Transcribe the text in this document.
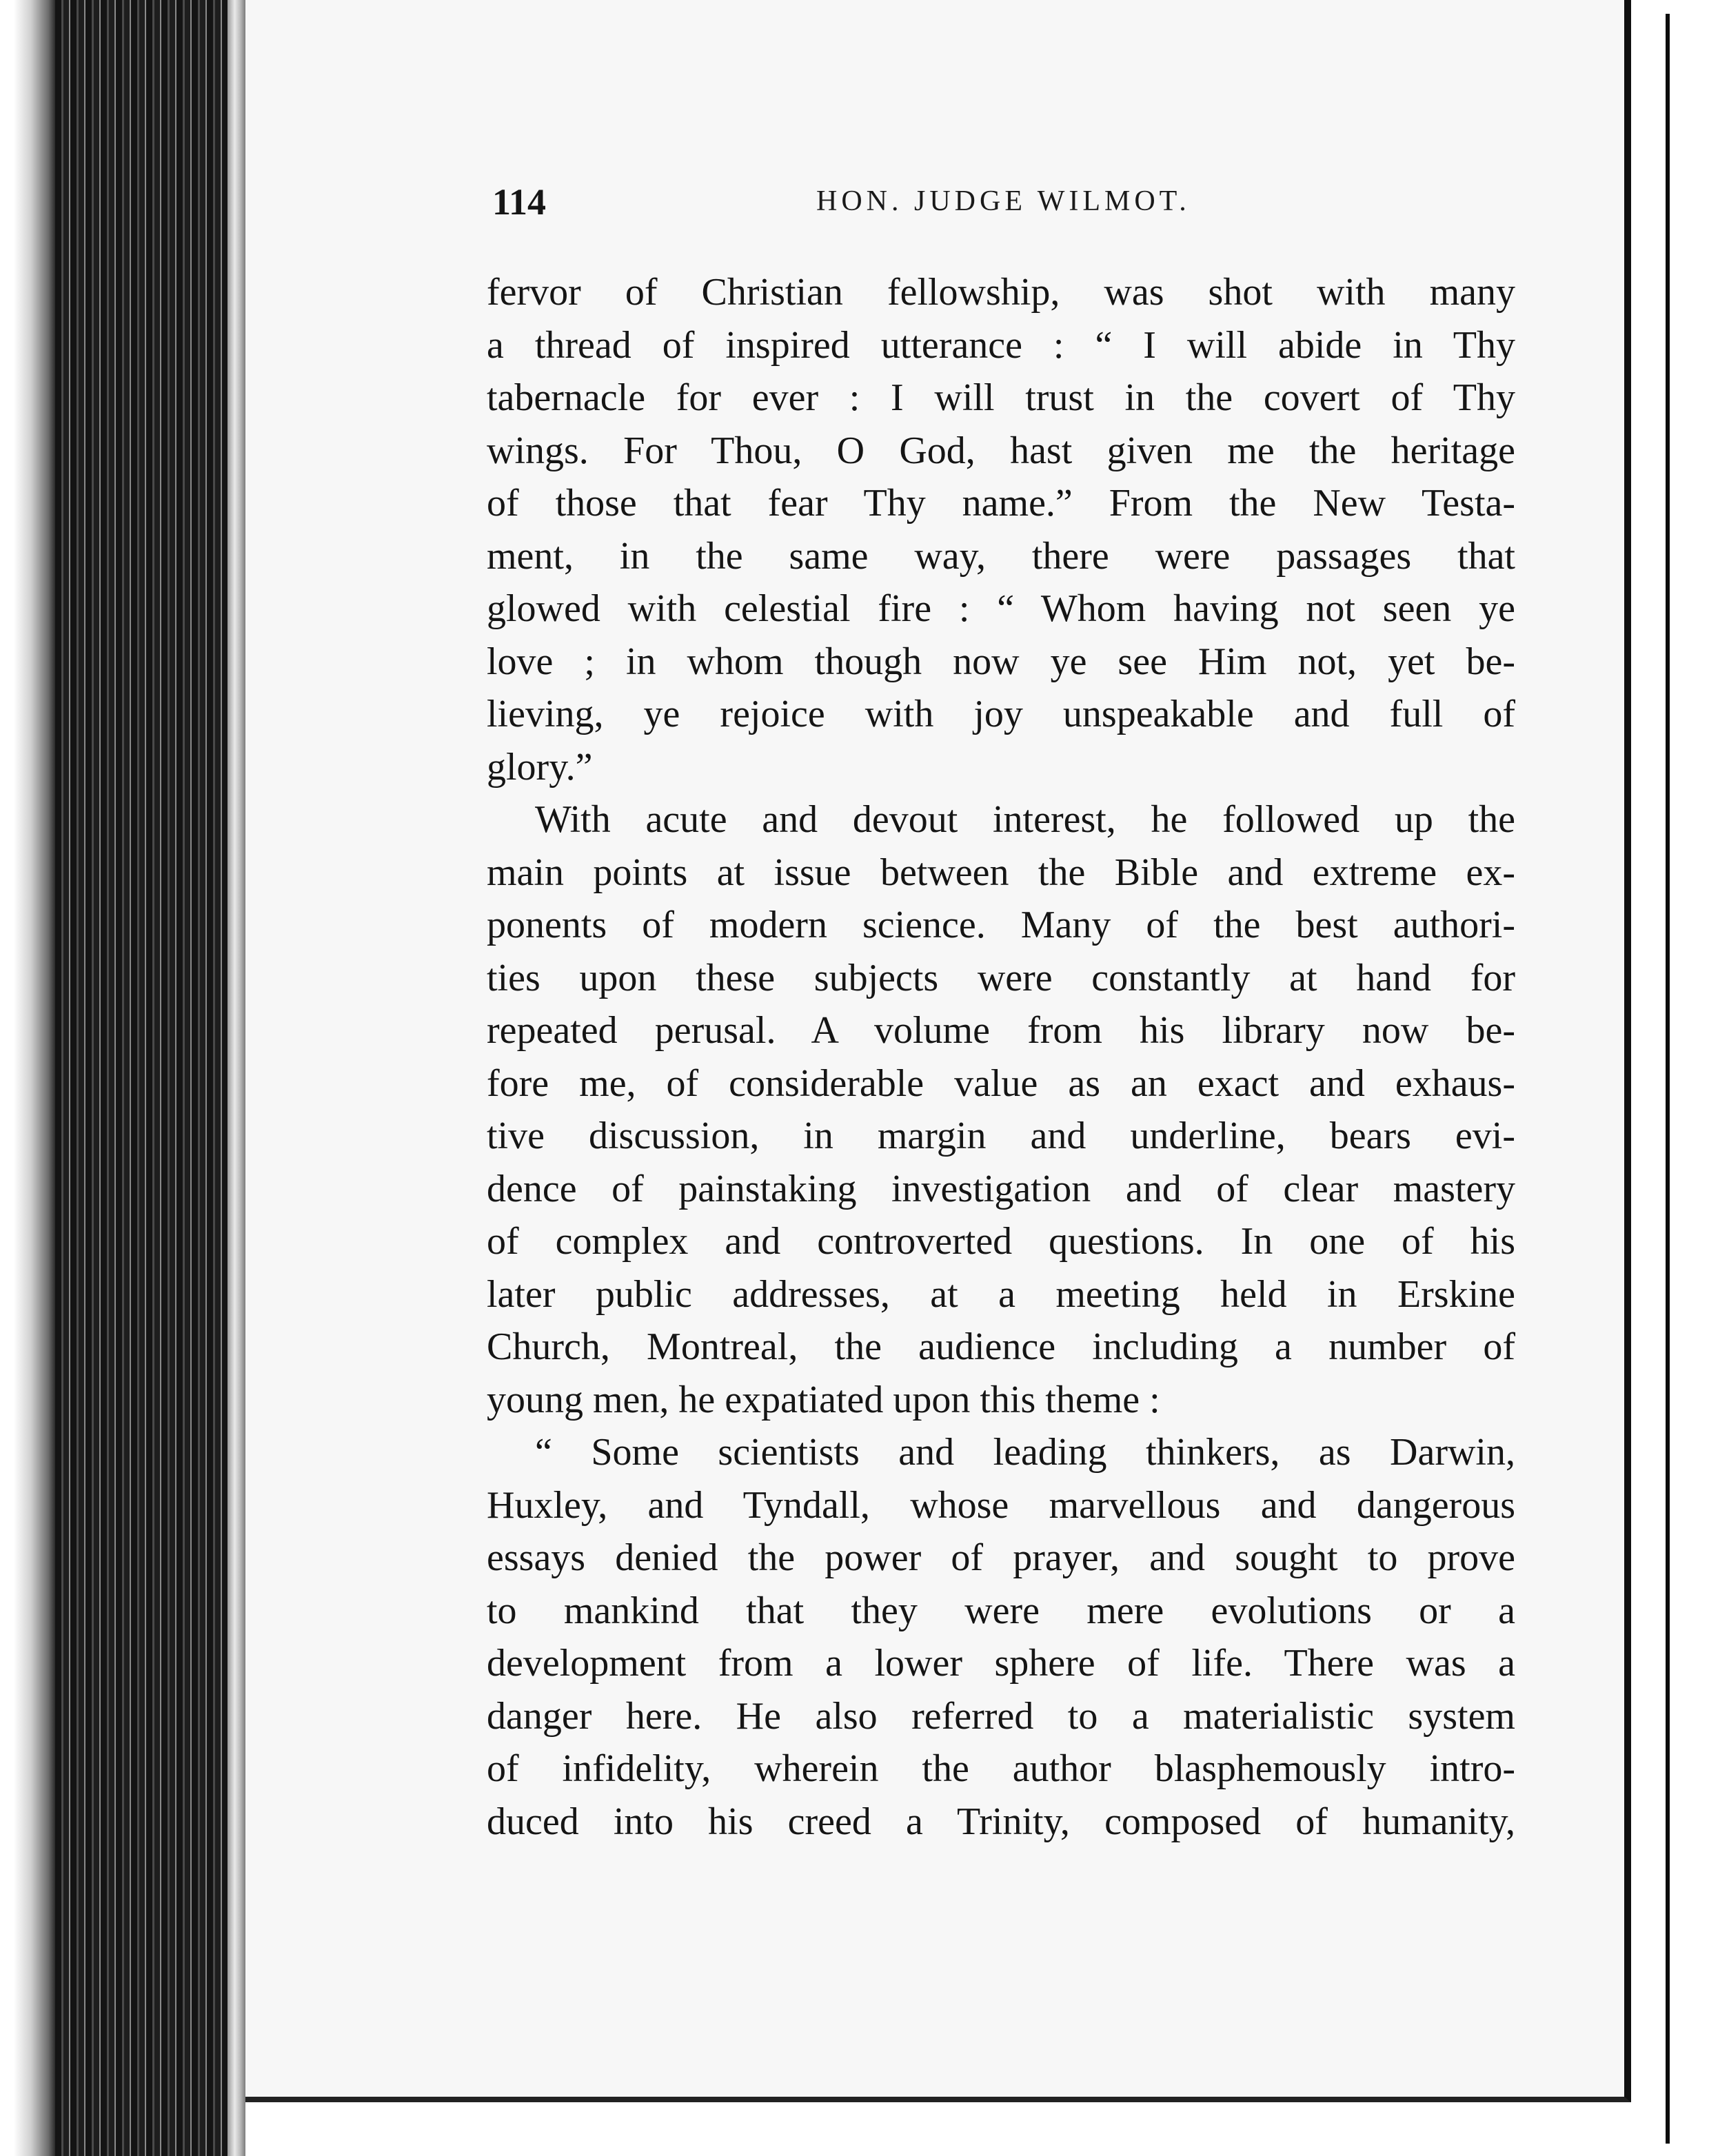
114	HON. JUDGE WILMOT.
fervor of Christian fellowship, was shot with many
a thread of inspired utterance : “ I will abide in Thy
tabernacle for ever : I will trust in the covert of Thy
wings. For Thou, O God, hast given me the heritage
of those that fear Thy name.” From the New Testa-
ment, in the same way, there were passages that
glowed with celestial fire : “ Whom having not seen ye
love ; in whom though now ye see Him not, yet be-
lieving, ye rejoice with joy unspeakable and full of
glory.”
With acute and devout interest, he followed up the
main points at issue between the Bible and extreme ex-
ponents of modern science. Many of the best authori-
ties upon these subjects were constantly at hand for
repeated perusal. A volume from his library now be-
fore me, of considerable value as an exact and exhaus-
tive discussion, in margin and underline, bears evi-
dence of painstaking investigation and of clear mastery
of complex and controverted questions. In one of his
later public addresses, at a meeting held in Erskine
Church, Montreal, the audience including a number of
young men, he expatiated upon this theme :
“ Some scientists and leading thinkers, as Darwin,
Huxley, and Tyndall, whose marvellous and dangerous
essays denied the power of prayer, and sought to prove
to mankind that they were mere evolutions or a
development from a lower sphere of life. There was a
danger here. He also referred to a materialistic system
of infidelity, wherein the author blasphemously intro-
duced into his creed a Trinity, composed of humanity,
